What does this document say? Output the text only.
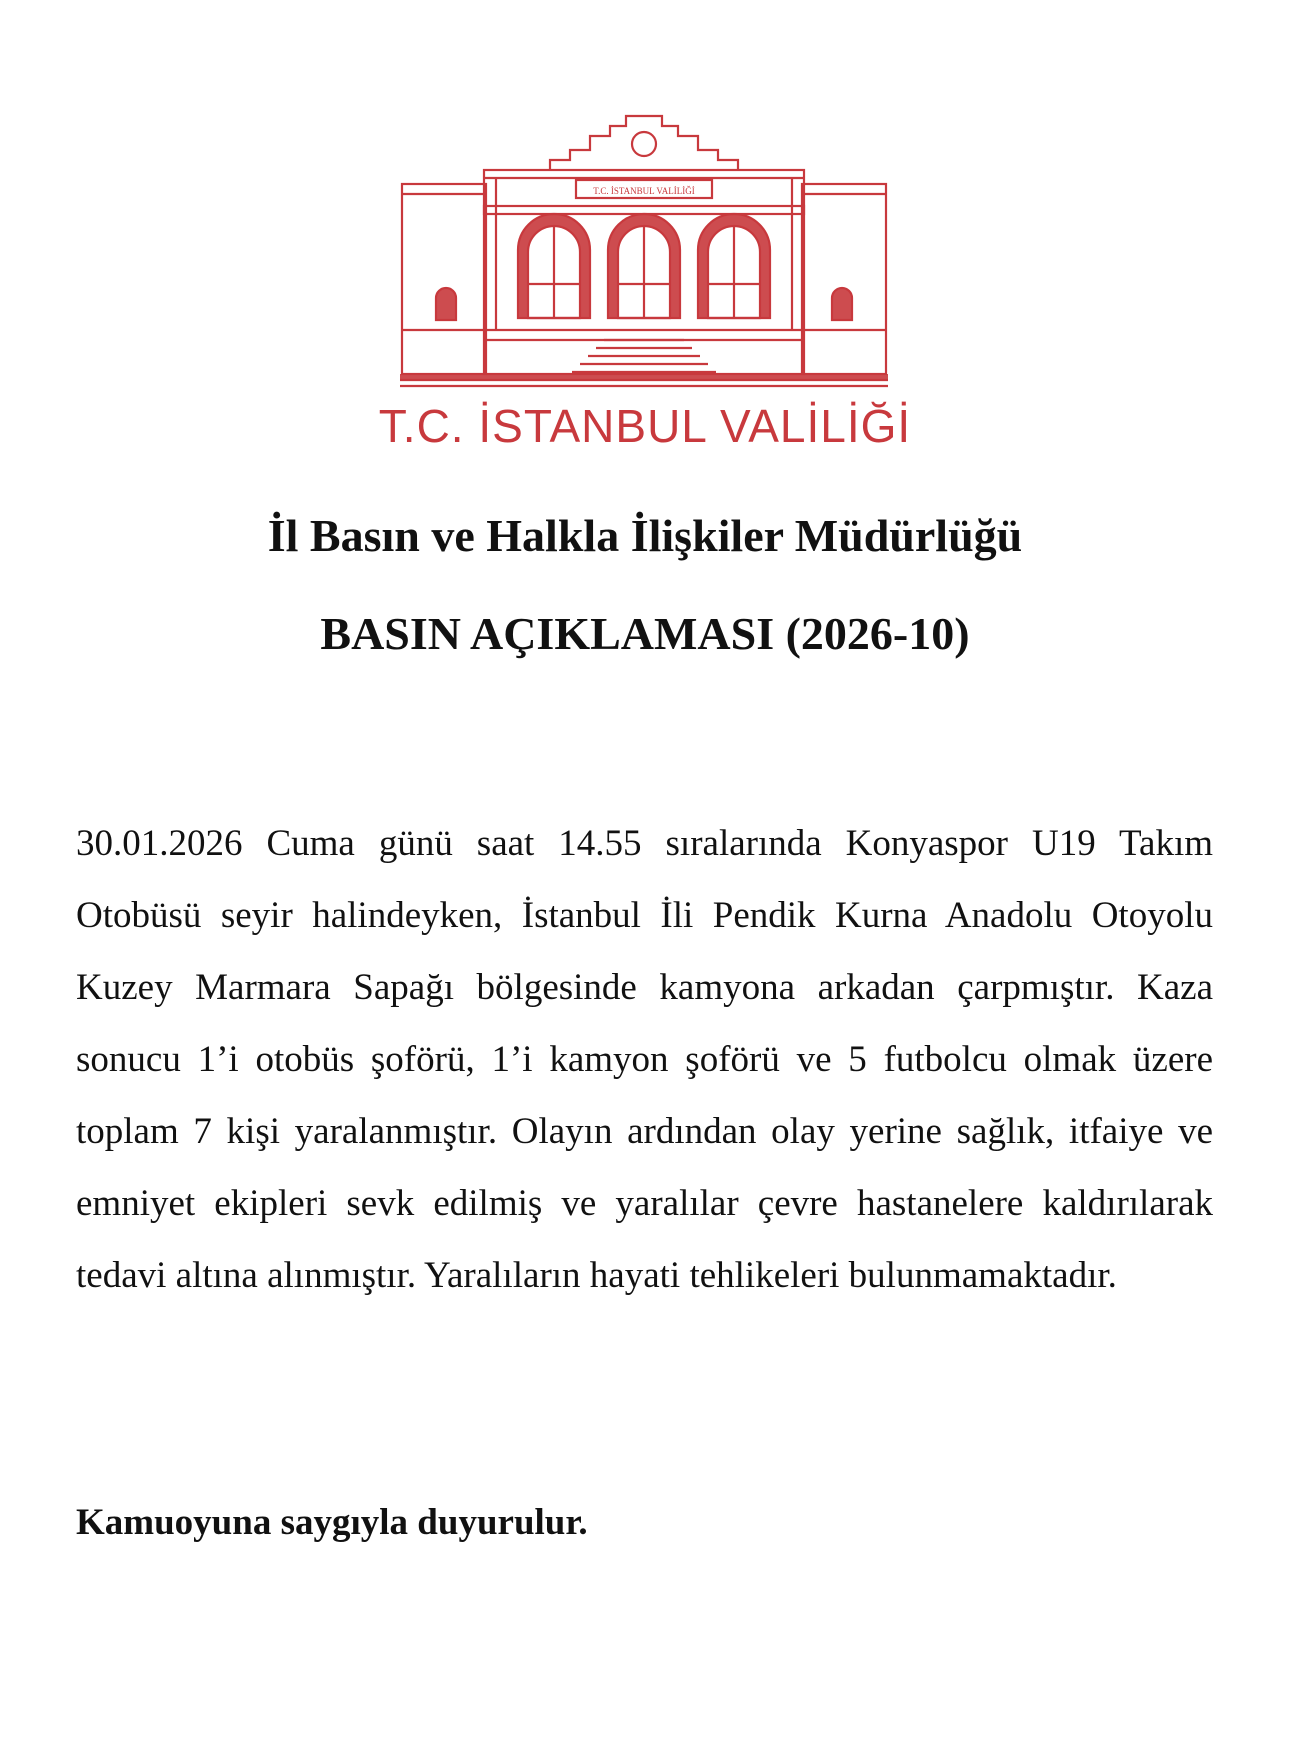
T.C. İSTANBUL VALİLİĞİ
T.C. İSTANBUL VALİLİĞİ
İl Basın ve Halkla İlişkiler Müdürlüğü
BASIN AÇIKLAMASI (2026-10)

30.01.2026 Cuma günü saat 14.55 sıralarında Konyaspor U19 Takım Otobüsü seyir halindeyken, İstanbul İli Pendik Kurna Anadolu Otoyolu Kuzey Marmara Sapağı bölgesinde kamyona arkadan çarpmıştır. Kaza sonucu 1’i otobüs şoförü, 1’i kamyon şoförü ve 5 futbolcu olmak üzere toplam 7 kişi yaralanmıştır. Olayın ardından olay yerine sağlık, itfaiye ve emniyet ekipleri sevk edilmiş ve yaralılar çevre hastanelere kaldırılarak tedavi altına alınmıştır. Yaralıların hayati tehlikeleri bulunmamaktadır.

Kamuoyuna saygıyla duyurulur.
